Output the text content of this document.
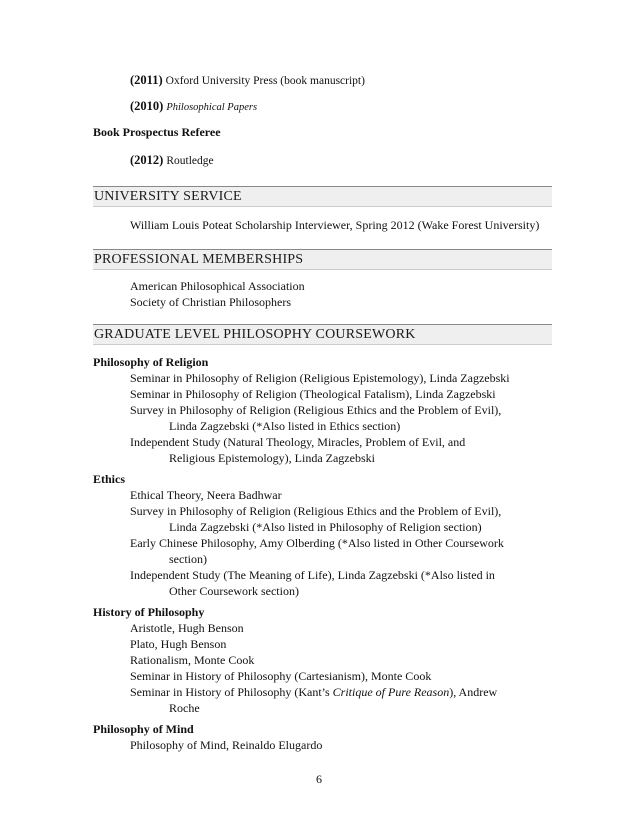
(2011) Oxford University Press (book manuscript)
(2010) Philosophical Papers
Book Prospectus Referee
(2012) Routledge
UNIVERSITY SERVICE
William Louis Poteat Scholarship Interviewer, Spring 2012 (Wake Forest University)
PROFESSIONAL MEMBERSHIPS
American Philosophical Association
Society of Christian Philosophers
GRADUATE LEVEL PHILOSOPHY COURSEWORK
Philosophy of Religion
Seminar in Philosophy of Religion (Religious Epistemology), Linda Zagzebski
Seminar in Philosophy of Religion (Theological Fatalism), Linda Zagzebski
Survey in Philosophy of Religion (Religious Ethics and the Problem of Evil),
Linda Zagzebski (*Also listed in Ethics section)
Independent Study (Natural Theology, Miracles, Problem of Evil, and
Religious Epistemology), Linda Zagzebski
Ethics
Ethical Theory, Neera Badhwar
Survey in Philosophy of Religion (Religious Ethics and the Problem of Evil),
Linda Zagzebski (*Also listed in Philosophy of Religion section)
Early Chinese Philosophy, Amy Olberding (*Also listed in Other Coursework
section)
Independent Study (The Meaning of Life), Linda Zagzebski (*Also listed in
Other Coursework section)
History of Philosophy
Aristotle, Hugh Benson
Plato, Hugh Benson
Rationalism, Monte Cook
Seminar in History of Philosophy (Cartesianism), Monte Cook
Seminar in History of Philosophy (Kant’s Critique of Pure Reason), Andrew
Roche
Philosophy of Mind
Philosophy of Mind, Reinaldo Elugardo
6
